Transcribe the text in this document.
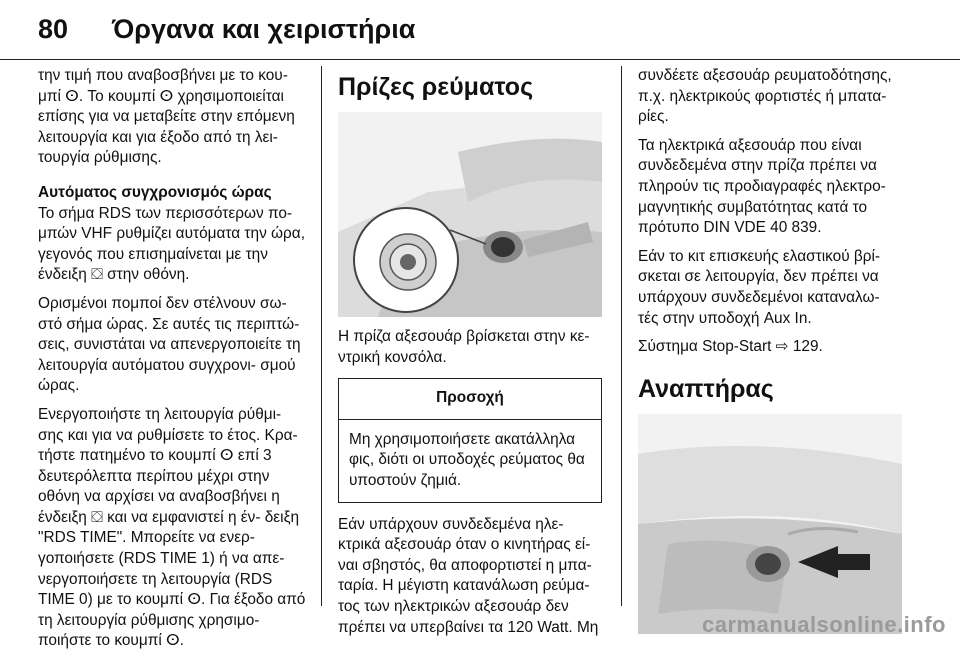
80 Όργανα και χειριστήρια

την τιμή που αναβοσβήνει με το κου- μπί ⵙ. Το κουμπί ⵙ χρησιμοποιείται επίσης για να μεταβείτε στην επόμενη λειτουργία και για έξοδο από τη λει- τουργία ρύθμισης.

Αυτόματος συγχρονισμός ώρας

Το σήμα RDS των περισσότερων πο- μπών VHF ρυθμίζει αυτόματα την ώρα, γεγονός που επισημαίνεται με την ένδειξη ⛋ στην οθόνη.

Ορισμένοι πομποί δεν στέλνουν σω- στό σήμα ώρας. Σε αυτές τις περιπτώ- σεις, συνιστάται να απενεργοποιείτε τη λειτουργία αυτόματου συγχρονι- σμού ώρας.

Ενεργοποιήστε τη λειτουργία ρύθμι- σης και για να ρυθμίσετε το έτος. Κρα- τήστε πατημένο το κουμπί ⵙ επί 3 δευτερόλεπτα περίπου μέχρι στην οθόνη να αρχίσει να αναβοσβήνει η ένδειξη ⛋ και να εμφανιστεί η έν- δειξη "RDS TIME". Μπορείτε να ενερ- γοποιήσετε (RDS TIME 1) ή να απε- νεργοποιήσετε τη λειτουργία (RDS TIME 0) με το κουμπί ⵙ. Για έξοδο από τη λειτουργία ρύθμισης χρησιμο- ποιήστε το κουμπί ⵙ.

Πρίζες ρεύματος

Η πρίζα αξεσουάρ βρίσκεται στην κε- ντρική κονσόλα.

Προσοχή
Μη χρησιμοποιήσετε ακατάλληλα φις, διότι οι υποδοχές ρεύματος θα υποστούν ζημιά.

Εάν υπάρχουν συνδεδεμένα ηλε- κτρικά αξεσουάρ όταν ο κινητήρας εί- ναι σβηστός, θα αποφορτιστεί η μπα- ταρία. Η μέγιστη κατανάλωση ρεύμα- τος των ηλεκτρικών αξεσουάρ δεν πρέπει να υπερβαίνει τα 120 Watt. Μη

συνδέετε αξεσουάρ ρευματοδότησης, π.χ. ηλεκτρικούς φορτιστές ή μπατα- ρίες.

Τα ηλεκτρικά αξεσουάρ που είναι συνδεδεμένα στην πρίζα πρέπει να πληρούν τις προδιαγραφές ηλεκτρο- μαγνητικής συμβατότητας κατά το πρότυπο DIN VDE 40 839.

Εάν το κιτ επισκευής ελαστικού βρί- σκεται σε λειτουργία, δεν πρέπει να υπάρχουν συνδεδεμένοι καταναλω- τές στην υποδοχή Aux In.

Σύστημα Stop-Start ⇨ 129.

Αναπτήρας
carmanualsonline.info
